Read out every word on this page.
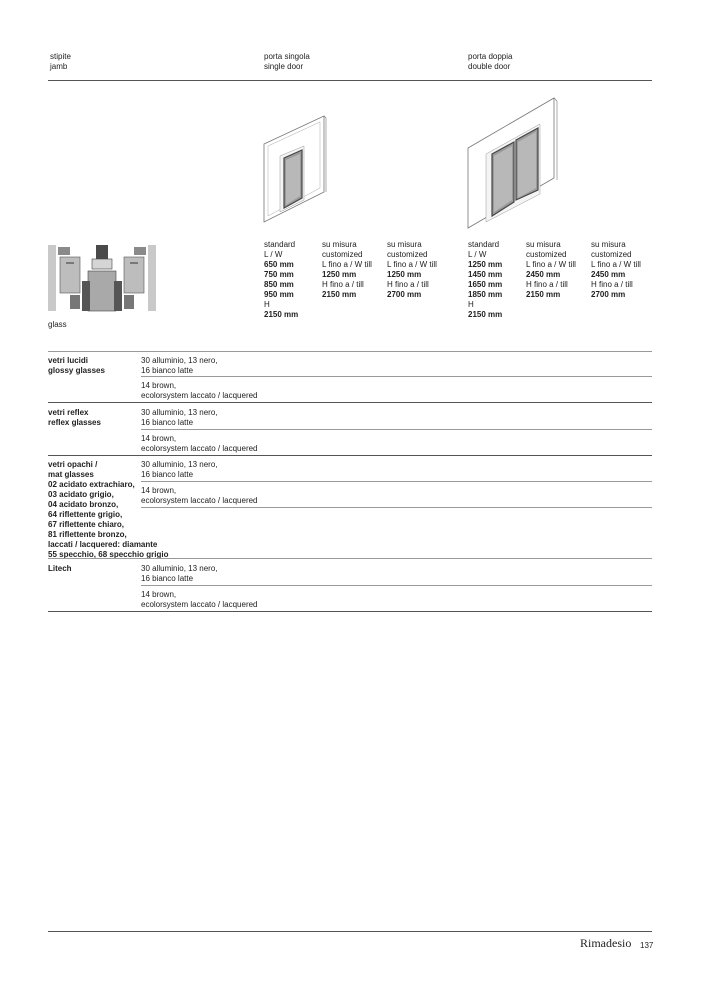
stipite
jamb
porta singola
single door
porta doppia
double door
glass
standard
L / W
650 mm
750 mm
850 mm
950 mm
H
2150 mm
su misura
customized
L fino a / W till
1250 mm
H fino a / till
2150 mm
su misura
customized
L fino a / W till
1250 mm
H fino a / till
2700 mm
standard
L / W
1250 mm
1450 mm
1650 mm
1850 mm
H
2150 mm
su misura
customized
L fino a / W till
2450 mm
H fino a / till
2150 mm
su misura
customized
L fino a / W till
2450 mm
H fino a / till
2700 mm
vetri lucidi
glossy glasses
30 alluminio, 13 nero,
16 bianco latte
14 brown,
ecolorsystem laccato / lacquered
vetri reflex
reflex glasses
30 alluminio, 13 nero,
16 bianco latte
14 brown,
ecolorsystem laccato / lacquered
vetri opachi /
mat glasses
02 acidato extrachiaro,
03 acidato grigio,
04 acidato bronzo,
64 riflettente grigio,
67 riflettente chiaro,
81 riflettente bronzo,
laccati / lacquered: diamante
55 specchio, 68 specchio grigio
30 alluminio, 13 nero,
16 bianco latte
14 brown,
ecolorsystem laccato / lacquered
Litech	30 alluminio, 13 nero,
16 bianco latte
14 brown,
ecolorsystem laccato / lacquered
Rimadesio 137
